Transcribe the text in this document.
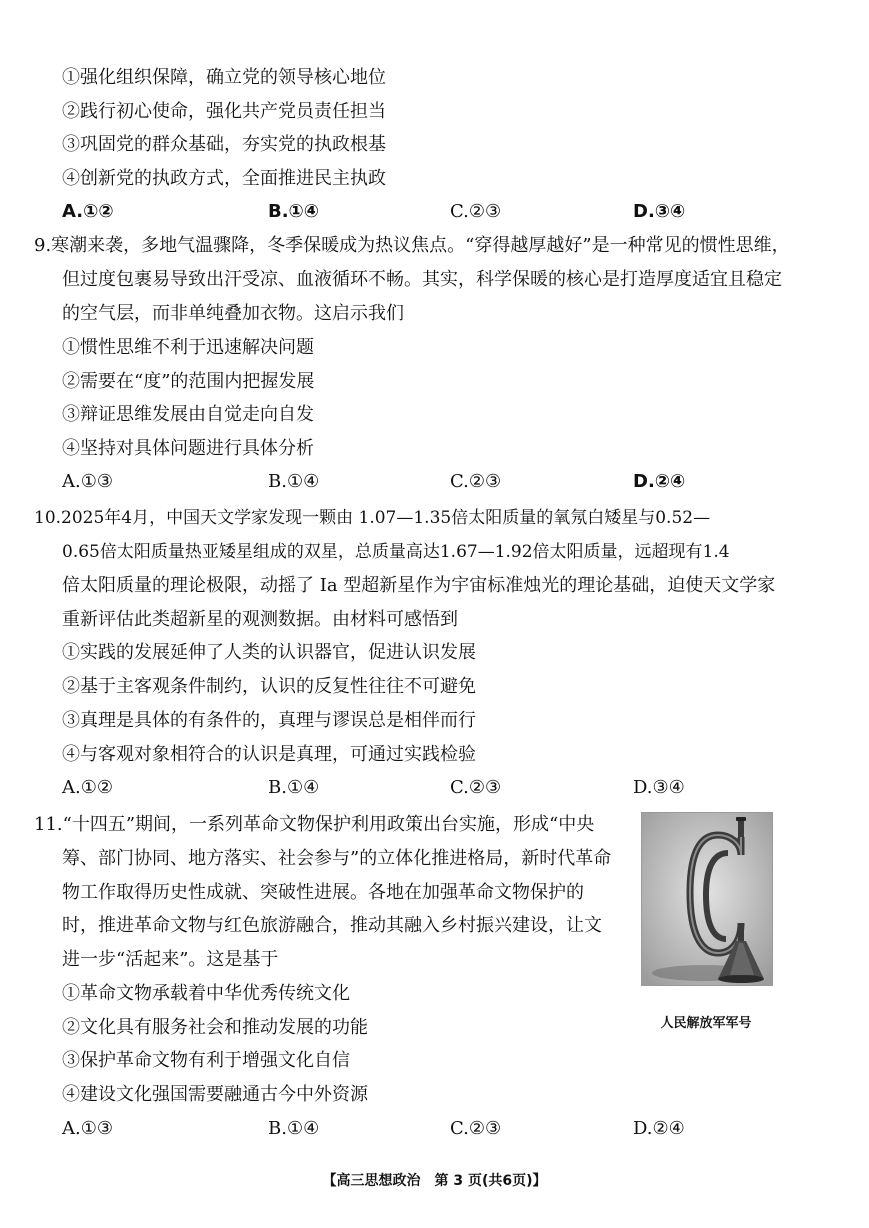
①强化组织保障，确立党的领导核心地位
②践行初心使命，强化共产党员责任担当
③巩固党的群众基础，夯实党的执政根基
④创新党的执政方式，全面推进民主执政
A.①②	B.①④	C.②③	D.③④
9.寒潮来袭，多地气温骤降，冬季保暖成为热议焦点。“穿得越厚越好”是一种常见的惯性思维，
但过度包裹易导致出汗受凉、血液循环不畅。其实，科学保暖的核心是打造厚度适宜且稳定
的空气层，而非单纯叠加衣物。这启示我们
①惯性思维不利于迅速解决问题
②需要在“度”的范围内把握发展
③辩证思维发展由自觉走向自发
④坚持对具体问题进行具体分析
A.①③	B.①④	C.②③	D.②④
10.2025年4月，中国天文学家发现一颗由 1.07—1.35倍太阳质量的氧氖白矮星与0.52—
0.65倍太阳质量热亚矮星组成的双星，总质量高达1.67—1.92倍太阳质量，远超现有1.4
倍太阳质量的理论极限，动摇了 Ia 型超新星作为宇宙标准烛光的理论基础，迫使天文学家
重新评估此类超新星的观测数据。由材料可感悟到
①实践的发展延伸了人类的认识器官，促进认识发展
②基于主客观条件制约，认识的反复性往往不可避免
③真理是具体的有条件的，真理与谬误总是相伴而行
④与客观对象相符合的认识是真理，可通过实践检验
A.①②	B.①④	C.②③	D.③④
11.“十四五”期间，一系列革命文物保护利用政策出台实施，形成“中央
筹、部门协同、地方落实、社会参与”的立体化推进格局，新时代革命
物工作取得历史性成就、突破性进展。各地在加强革命文物保护的
时，推进革命文物与红色旅游融合，推动其融入乡村振兴建设，让文
进一步“活起来”。这是基于
①革命文物承载着中华优秀传统文化
②文化具有服务社会和推动发展的功能
③保护革命文物有利于增强文化自信
④建设文化强国需要融通古今中外资源
A.①③	B.①④	C.②③	D.②④
人民解放军军号
【高三思想政治　第 3 页(共6页)】
